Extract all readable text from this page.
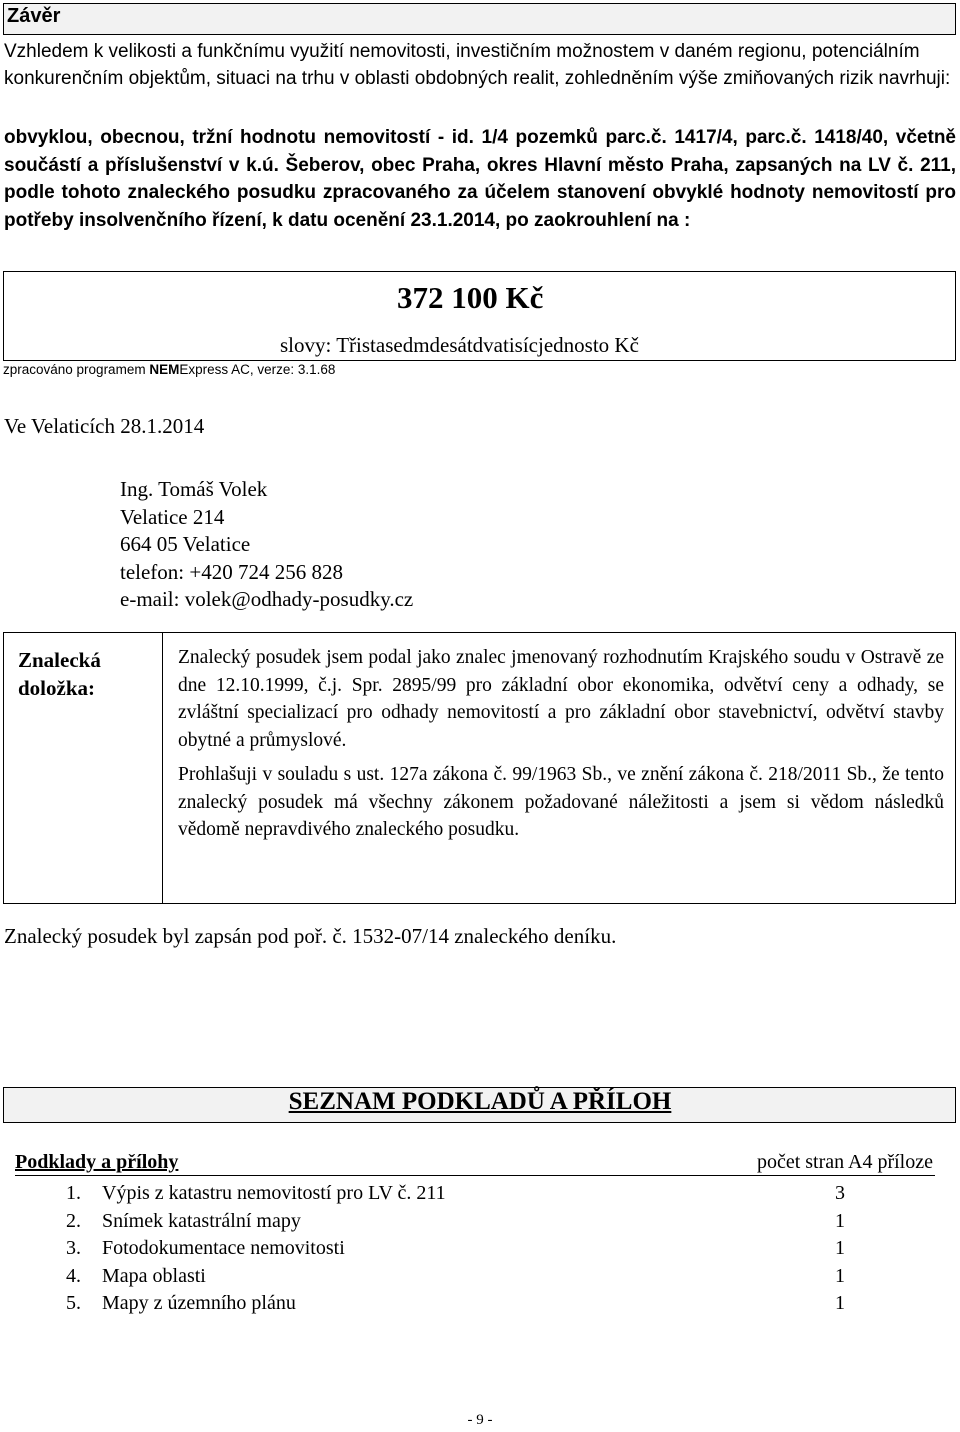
Závěr
Vzhledem k velikosti a funkčnímu využití nemovitosti, investičním možnostem v daném regionu, potenciálním konkurenčním objektům, situaci na trhu v oblasti obdobných realit, zohledněním výše zmiňovaných rizik navrhuji:
obvyklou, obecnou, tržní hodnotu nemovitostí - id. 1/4 pozemků parc.č. 1417/4, parc.č. 1418/40, včetně součástí a příslušenství v k.ú. Šeberov, obec Praha, okres Hlavní město Praha, zapsaných na LV č. 211, podle tohoto znaleckého posudku zpracovaného za účelem stanovení obvyklé hodnoty nemovitostí pro potřeby insolvenčního řízení, k datu ocenění 23.1.2014, po zaokrouhlení na :
372 100 Kč
slovy: Třistasedmdesátdvatisícjednosto Kč
zpracováno programem NEMExpress AC, verze: 3.1.68
Ve Velaticích 28.1.2014
Ing. Tomáš Volek
Velatice 214
664 05 Velatice
telefon: +420 724 256 828
e-mail: volek@odhady-posudky.cz
Znalecká
doložka:

Znalecký posudek jsem podal jako znalec jmenovaný rozhodnutím Krajského soudu v Ostravě ze dne 12.10.1999, č.j. Spr. 2895/99 pro základní obor ekonomika, odvětví ceny a odhady, se zvláštní specializací pro odhady nemovitostí a pro základní obor stavebnictví, odvětví stavby obytné a průmyslové.

Prohlašuji v souladu s ust. 127a zákona č. 99/1963 Sb., ve znění zákona č. 218/2011 Sb., že tento znalecký posudek má všechny zákonem požadované náležitosti a jsem si vědom následků vědomě nepravdivého znaleckého posudku.

Znalecký posudek byl zapsán pod poř. č. 1532-07/14 znaleckého deníku.
SEZNAM PODKLADŮ A PŘÍLOH
Podklady a přílohy	počet stran A4 příloze
1. Výpis z katastru nemovitostí pro LV č. 211	3
2. Snímek katastrální mapy	1
3. Fotodokumentace nemovitosti	1
4. Mapa oblasti	1
5. Mapy z územního plánu	1
- 9 -
